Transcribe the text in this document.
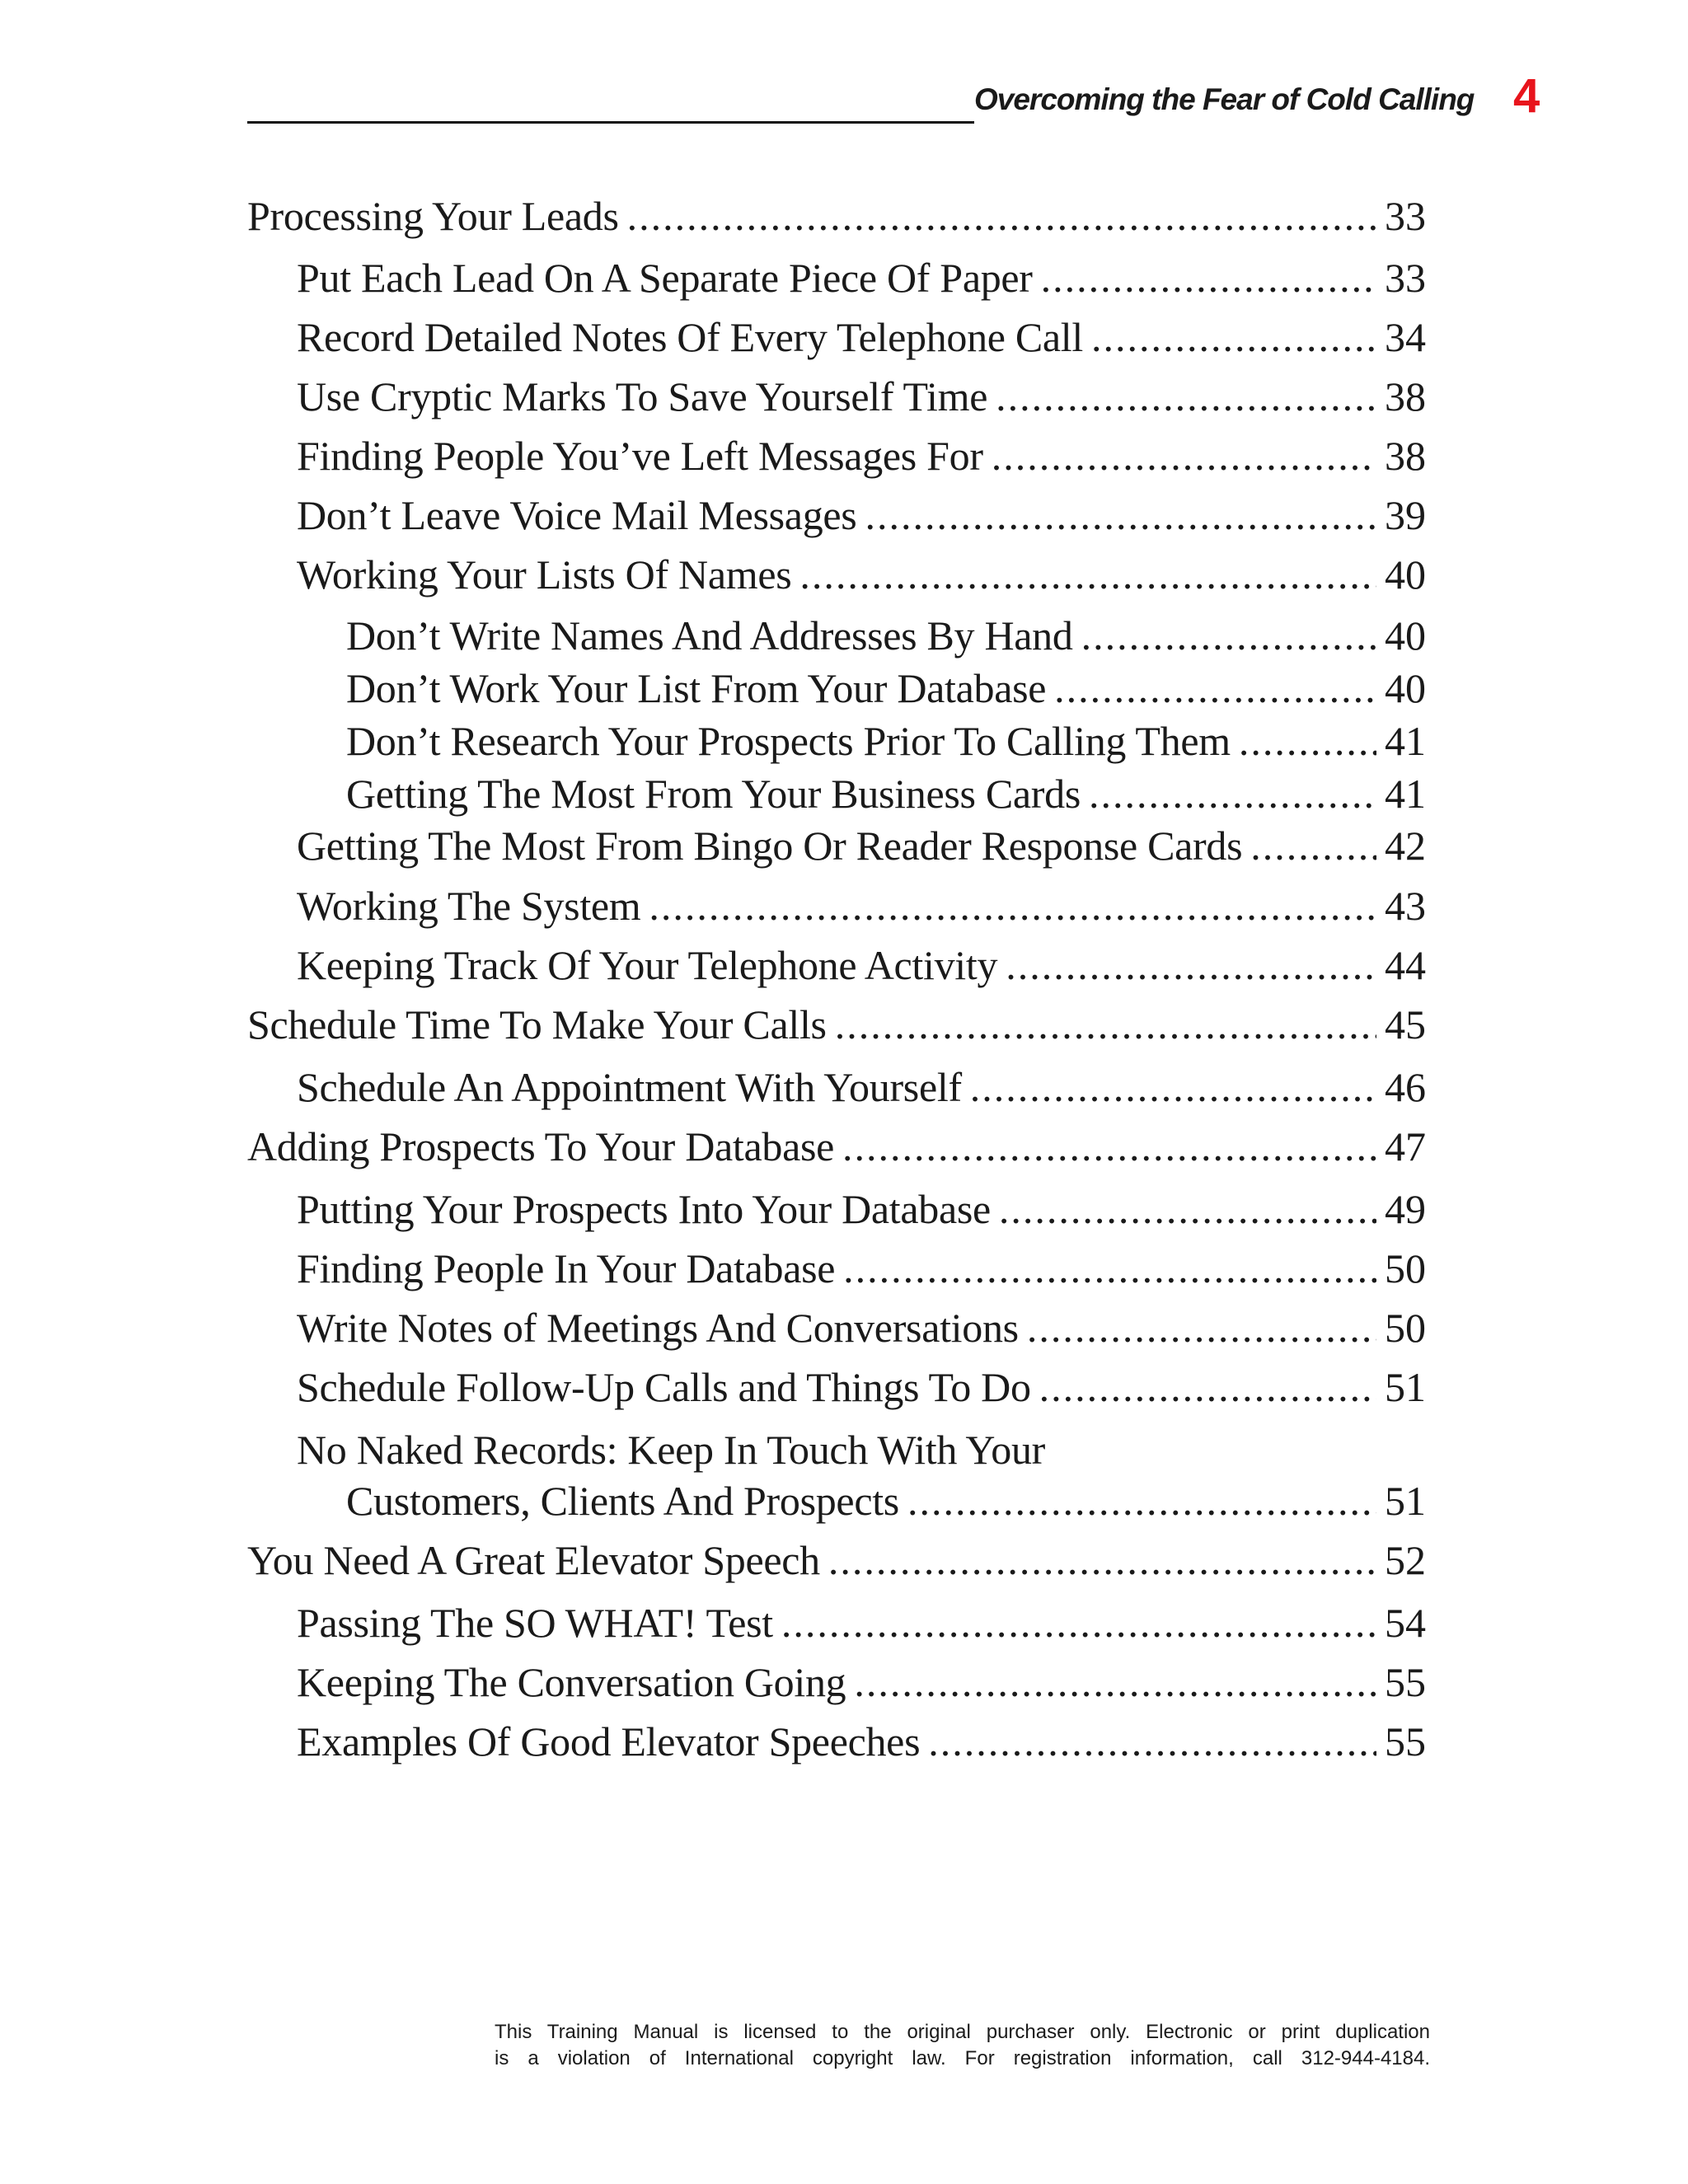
Overcoming the Fear of Cold Calling 4
Processing Your Leads .....	33
Put Each Lead On A Separate Piece Of Paper .....	33
Record Detailed Notes Of Every Telephone Call .....	34
Use Cryptic Marks To Save Yourself Time .....	38
Finding People You’ve Left Messages For .....	38
Don’t Leave Voice Mail Messages .....	39
Working Your Lists Of Names .....	40
Don’t Write Names And Addresses By Hand .....	40
Don’t Work Your List From Your Database .....	40
Don’t Research Your Prospects Prior To Calling Them .....	41
Getting The Most From Your Business Cards .....	41
Getting The Most From Bingo Or Reader Response Cards .....	42
Working The System .....	43
Keeping Track Of Your Telephone Activity .....	44
Schedule Time To Make Your Calls .....	45
Schedule An Appointment With Yourself .....	46
Adding Prospects To Your Database .....	47
Putting Your Prospects Into Your Database .....	49
Finding People In Your Database .....	50
Write Notes of Meetings And Conversations .....	50
Schedule Follow-Up Calls and Things To Do .....	51
No Naked Records: Keep In Touch With Your
Customers, Clients And Prospects .....	51
You Need A Great Elevator Speech .....	52
Passing The SO WHAT! Test .....	54
Keeping The Conversation Going .....	55
Examples Of Good Elevator Speeches .....	55
This Training Manual is licensed to the original purchaser only. Electronic or print duplication
is a violation of International copyright law. For registration information, call 312-944-4184.
